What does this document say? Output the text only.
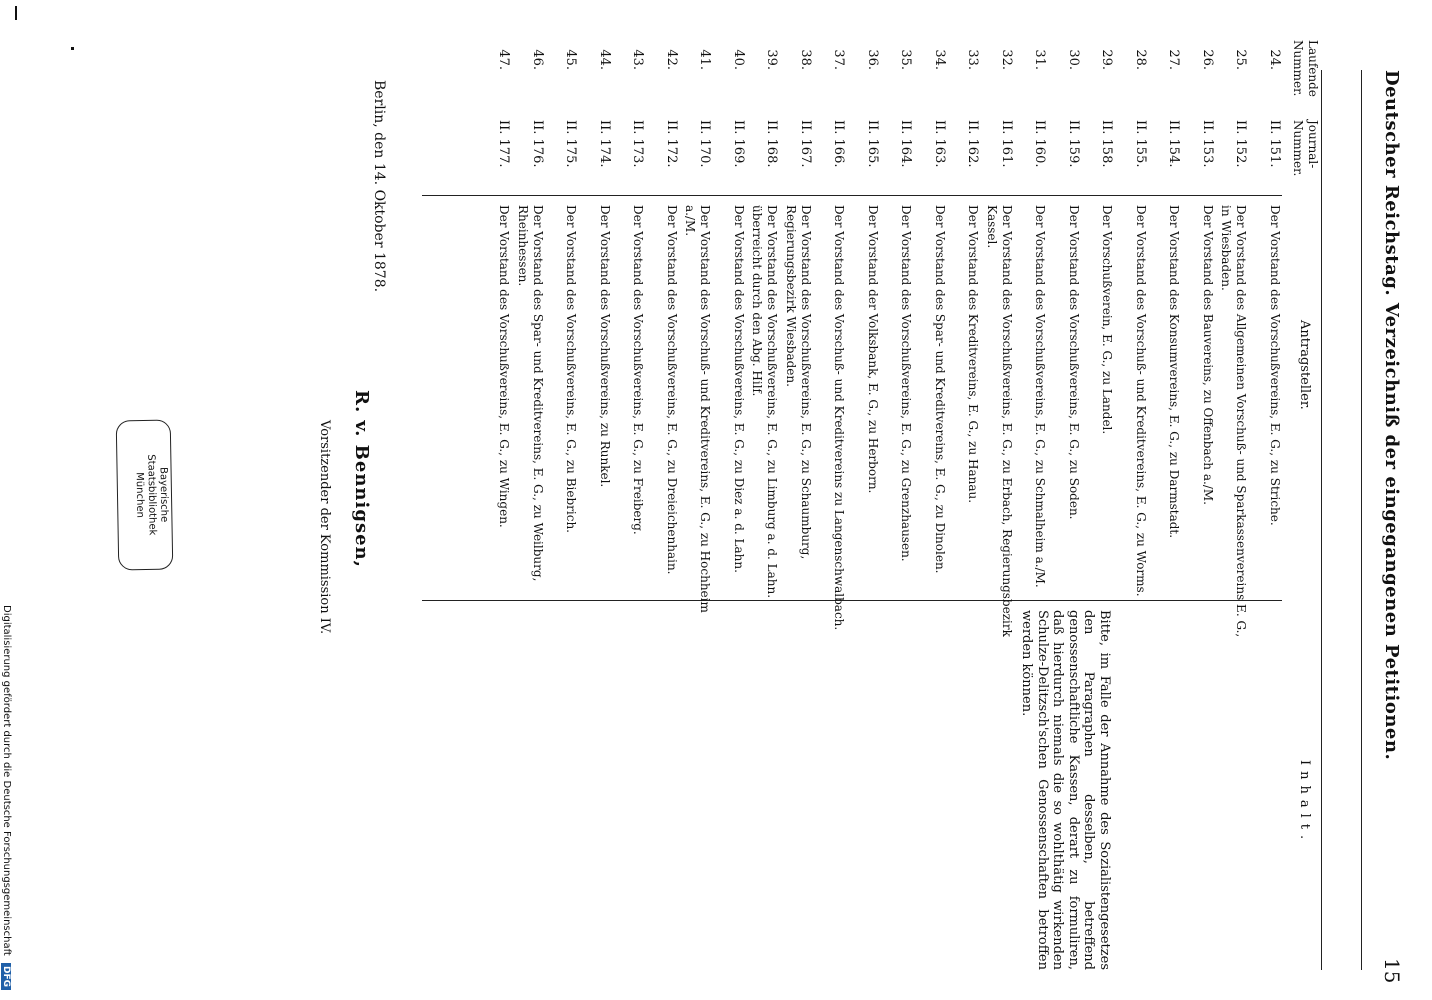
Deutscher Reichstag. Verzeichniß der eingegangenen Petitionen.
15
Laufende Nummer.
Journal-Nummer.
Antragsteller.
Inhalt.
24.
II. 151.
Der Vorstand des Vorschußvereins, E. G., zu Striche.
25.
II. 152.
Der Vorstand des Allgemeinen Vorschuß- und Sparkassenvereins E. G., in Wiesbaden.
26.
II. 153.
Der Vorstand des Bauvereins, zu Offenbach a./M.
27.
II. 154.
Der Vorstand des Konsumvereins, E. G., zu Darmstadt.
28.
II. 155.
Der Vorstand des Vorschuß- und Kreditvereins, E. G., zu Worms.
29.
II. 158.
Der Vorschußverein, E. G., zu Landel.
30.
II. 159.
Der Vorstand des Vorschußvereins, E. G., zu Soden.
31.
II. 160.
Der Vorstand des Vorschußvereins, E. G., zu Schmalheim a./M.
32.
II. 161.
Der Vorstand des Vorschußvereins, E. G., zu Erbach, Regierungsbezirk Kassel.
33.
II. 162.
Der Vorstand des Kreditvereins, E. G., zu Hanau.
34.
II. 163.
Der Vorstand des Spar- und Kreditvereins, E. G., zu Dinolen.
35.
II. 164.
Der Vorstand des Vorschußvereins, E. G., zu Grenzhausen.
36.
II. 165.
Der Vorstand der Volksbank, E. G., zu Herborn.
37.
II. 166.
Der Vorstand des Vorschuß- und Kreditvereins zu Langenschwalbach.
38.
II. 167.
Der Vorstand des Vorschußvereins, E. G., zu Schaumburg, Regierungsbezirk Wiesbaden.
39.
II. 168.
Der Vorstand des Vorschußvereins, E. G., zu Limburg a. d. Lahn. überreicht durch den Abg. Hilf.
40.
II. 169.
Der Vorstand des Vorschußvereins, E. G., zu Diez a. d. Lahn.
41.
II. 170.
Der Vorstand des Vorschuß- und Kreditvereins, E. G., zu Hochheim a./M.
42.
II. 172.
Der Vorstand des Vorschußvereins, E. G., zu Dreieichenhain.
43.
II. 173.
Der Vorstand des Vorschußvereins, E. G., zu Freiberg.
44.
II. 174.
Der Vorstand des Vorschußvereins, zu Runkel.
45.
II. 175.
Der Vorstand des Vorschußvereins, E. G., zu Biebrich.
46.
II. 176.
Der Vorstand des Spar- und Kreditvereins, E. G., zu Weilburg, Rheinhessen.
47.
II. 177.
Der Vorstand des Vorschußvereins, E. G., zu Wingen.
Bitte, im Falle der Annahme des Sozialistengesetzes den Paragraphen desselben, betreffend genossenschaftliche Kassen, derart zu formuliren, daß hierdurch niemals die so wohlthätig wirkenden Schulze-Delitzsch'schen Genossenschaften betroffen werden können.
Berlin, den 14. Oktober 1878.
R. v. Bennigsen,
Vorsitzender der Kommission IV.
Bayerische
Staatsbibliothek
München
Digitalisierung gefördert durch die Deutsche Forschungsgemeinschaft DFG
